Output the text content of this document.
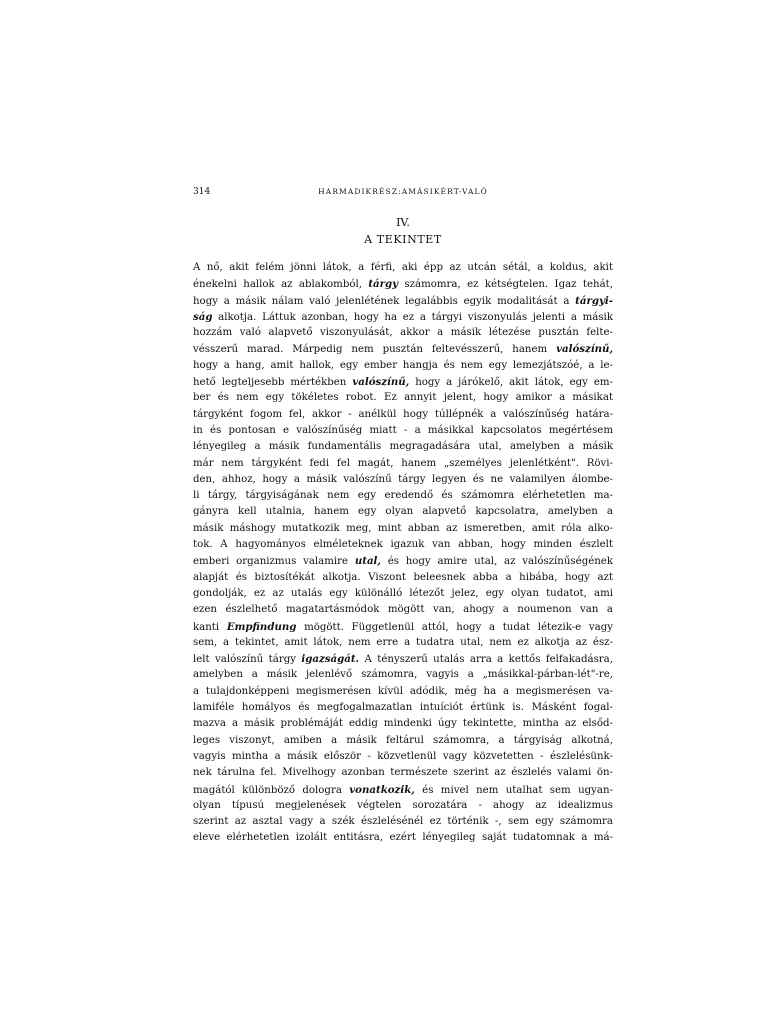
314	HARMADIKRÉSZ:AMÁSIKÉRT-VALÓ
IV.
A TEKINTET
A nő, akit felém jönni látok, a férfi, aki épp az utcán sétál, a koldus, akit
énekelni hallok az ablakomból, tárgy számomra, ez kétségtelen. Igaz tehát,
hogy a másik nálam való jelenlétének legalábbis egyik modalitását a tárgyi-
ság alkotja. Láttuk azonban, hogy ha ez a tárgyi viszonyulás jelenti a másik
hozzám való alapvető viszonyulását, akkor a másik létezése pusztán felte-
vésszerű marad. Márpedig nem pusztán feltevésszerű, hanem valószínű,
hogy a hang, amit hallok, egy ember hangja és nem egy lemezjátszóé, a le-
hető legteljesebb mértékben valószínű, hogy a járókelő, akit látok, egy em-
ber és nem egy tökéletes robot. Ez annyit jelent, hogy amikor a másikat
tárgyként fogom fel, akkor - anélkül hogy túllépnék a valószínűség határa-
in és pontosan e valószínűség miatt - a másikkal kapcsolatos megértésem
lényegileg a másik fundamentális megragadására utal, amelyben a másik
már nem tárgyként fedi fel magát, hanem „személyes jelenlétként". Rövi-
den, ahhoz, hogy a másik valószínű tárgy legyen és ne valamilyen álombe-
li tárgy, tárgyiságának nem egy eredendő és számomra elérhetetlen ma-
gányra kell utalnia, hanem egy olyan alapvető kapcsolatra, amelyben a
másik máshogy mutatkozik meg, mint abban az ismeretben, amit róla alko-
tok. A hagyományos elméleteknek igazuk van abban, hogy minden észlelt
emberi organizmus valamire utal, és hogy amire utal, az valószínűségének
alapját és biztosítékát alkotja. Viszont beleesnek abba a hibába, hogy azt
gondolják, ez az utalás egy különálló létezőt jelez, egy olyan tudatot, ami
ezen észlelhető magatartásmódok mögött van, ahogy a noumenon van a
kanti Empfindung mögött. Függetlenül attól, hogy a tudat létezik-e vagy
sem, a tekintet, amit látok, nem erre a tudatra utal, nem ez alkotja az ész-
lelt valószínű tárgy igazságát. A tényszerű utalás arra a kettős felfakadásra,
amelyben a másik jelenlévő számomra, vagyis a „másikkal-párban-lét"-re,
a tulajdonképpeni megismerésen kívül adódik, még ha a megismerésen va-
lamiféle homályos és megfogalmazatlan intuíciót értünk is. Másként fogal-
mazva a másik problémáját eddig mindenki úgy tekintette, mintha az elsőd-
leges viszonyt, amiben a másik feltárul számomra, a tárgyiság alkotná,
vagyis mintha a másik először - közvetlenül vagy közvetetten - észlelésünk-
nek tárulna fel. Mivelhogy azonban természete szerint az észlelés valami ön-
magától különböző dologra vonatkozik, és mivel nem utalhat sem ugyan-
olyan típusú megjelenések végtelen sorozatára - ahogy az idealizmus
szerint az asztal vagy a szék észlelésénél ez történik -, sem egy számomra
eleve elérhetetlen izolált entitásra, ezért lényegileg saját tudatomnak a má-
